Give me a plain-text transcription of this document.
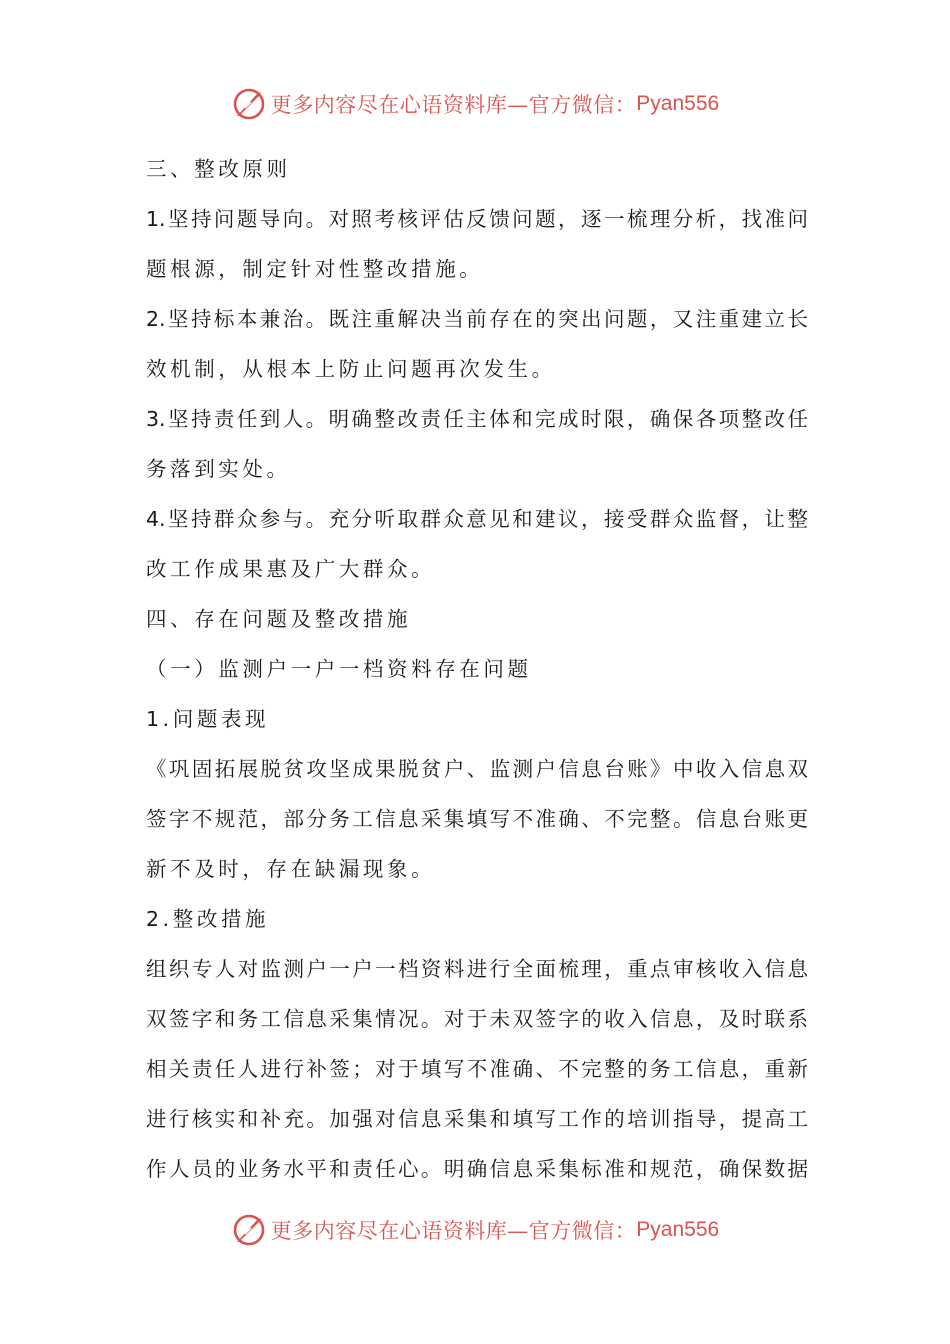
更多内容尽在心语资料库—官方微信： Pyan556
三、整改原则
1.坚持问题导向。对照考核评估反馈问题，逐一梳理分析，找准问
题根源，制定针对性整改措施。
2.坚持标本兼治。既注重解决当前存在的突出问题，又注重建立长
效机制，从根本上防止问题再次发生。
3.坚持责任到人。明确整改责任主体和完成时限，确保各项整改任
务落到实处。
4.坚持群众参与。充分听取群众意见和建议，接受群众监督，让整
改工作成果惠及广大群众。
四、存在问题及整改措施
（一）监测户一户一档资料存在问题
1.问题表现
《巩固拓展脱贫攻坚成果脱贫户、监测户信息台账》中收入信息双
签字不规范，部分务工信息采集填写不准确、不完整。信息台账更
新不及时，存在缺漏现象。
2.整改措施
组织专人对监测户一户一档资料进行全面梳理，重点审核收入信息
双签字和务工信息采集情况。对于未双签字的收入信息，及时联系
相关责任人进行补签；对于填写不准确、不完整的务工信息，重新
进行核实和补充。加强对信息采集和填写工作的培训指导，提高工
作人员的业务水平和责任心。明确信息采集标准和规范，确保数据
更多内容尽在心语资料库—官方微信： Pyan556
